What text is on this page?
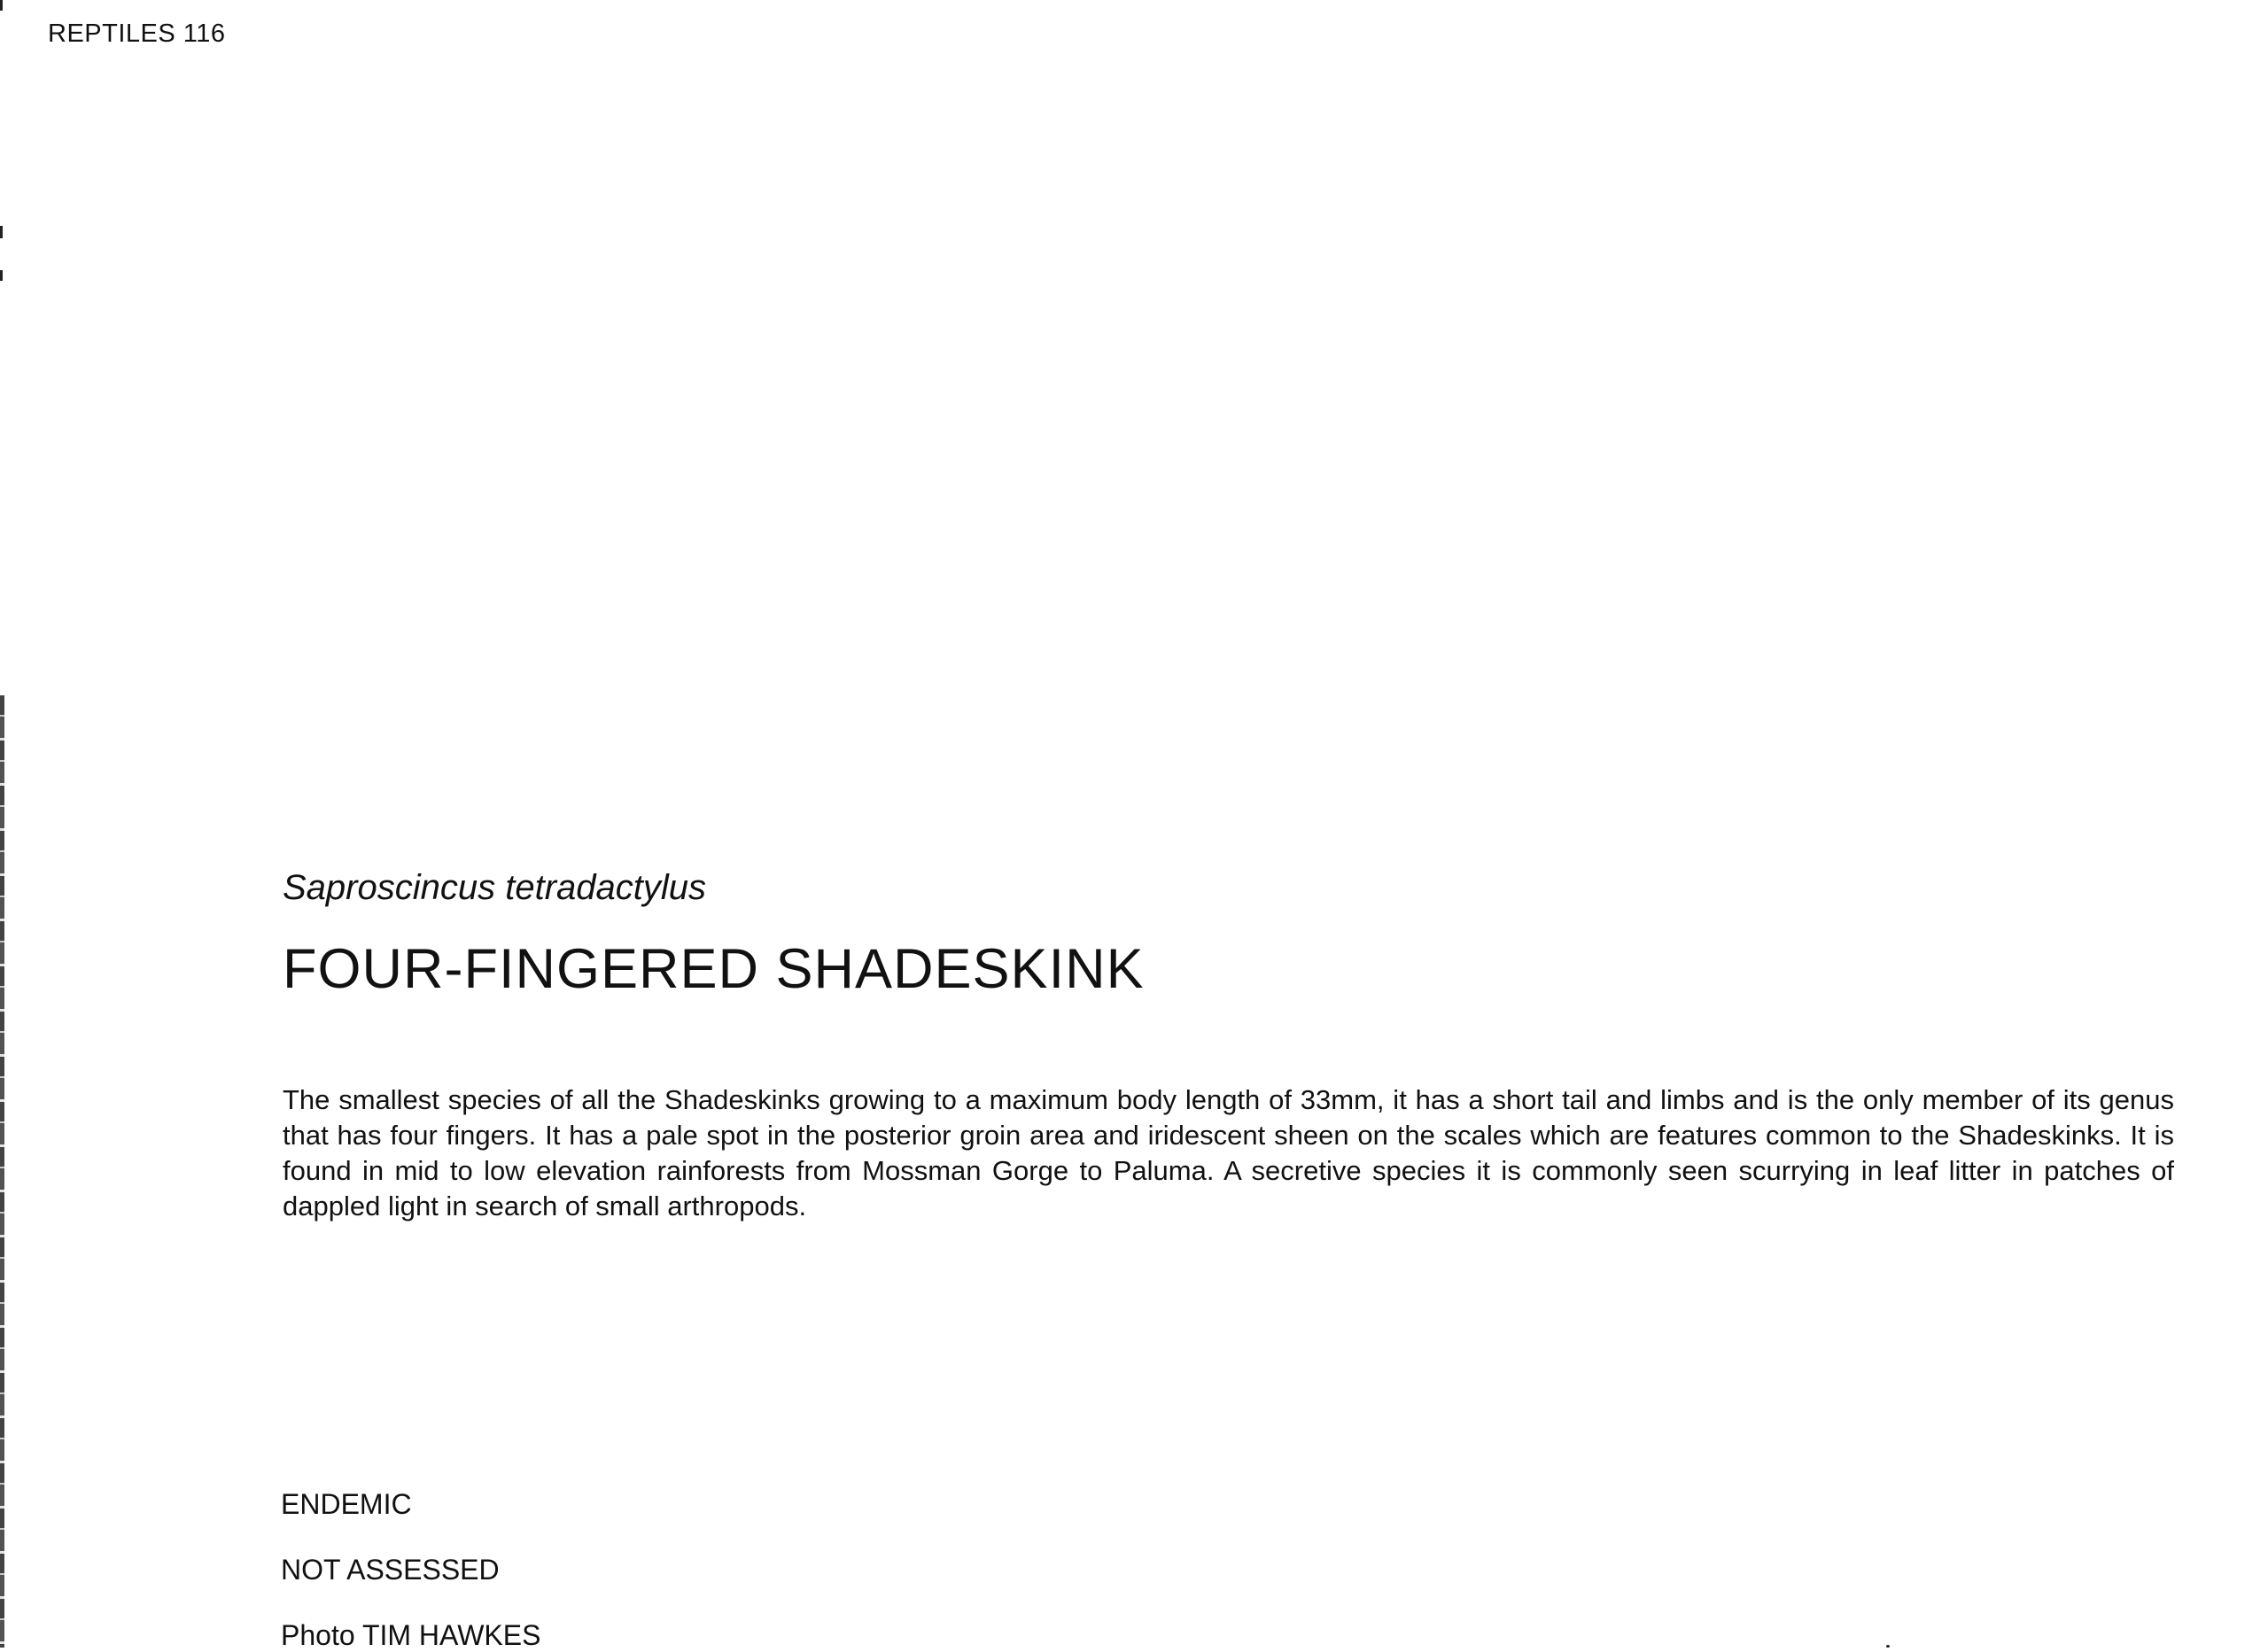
REPTILES 116
Saproscincus tetradactylus
FOUR-FINGERED SHADESKINK

The smallest species of all the Shadeskinks growing to a maximum body length of 33mm, it has a short tail and limbs and is the only member of its genus that has four fingers. It has a pale spot in the posterior groin area and iridescent sheen on the scales which are features common to the Shadeskinks. It is found in mid to low elevation rainforests from Mossman Gorge to Paluma. A secretive species it is commonly seen scurrying in leaf litter in patches of dappled light in search of small arthropods.

ENDEMIC
NOT ASSESSED
Photo TIM HAWKES
